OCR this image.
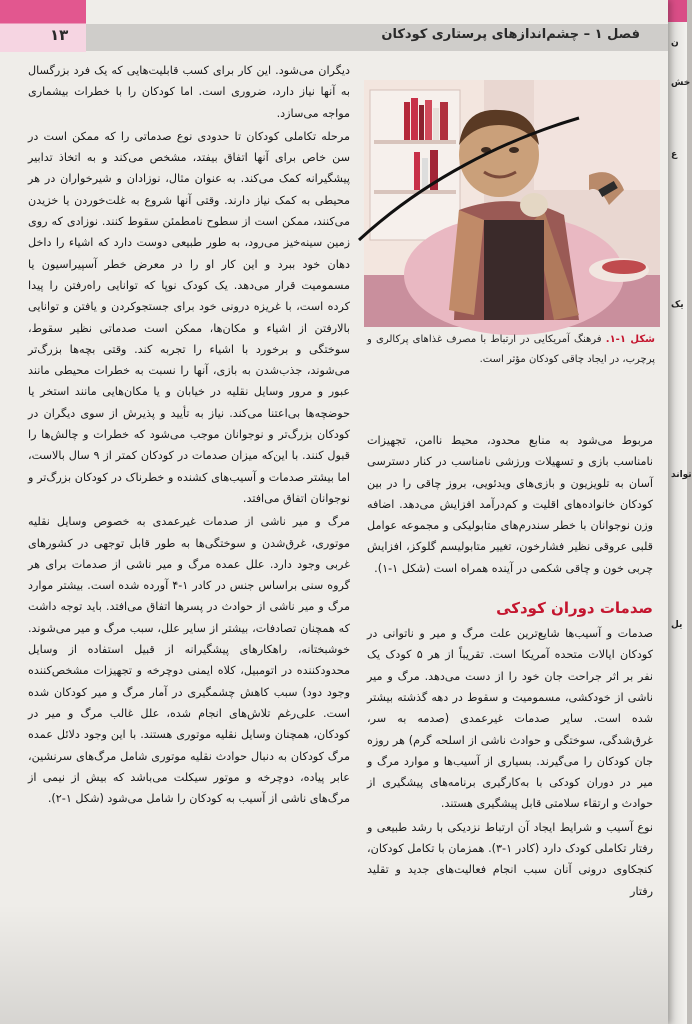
ن
خش
ع
یک
تواند
یل
فصل ۱ – چشم‌اندازهای پرستاری کودکان
۱۳

دیگران می‌شود. این کار برای کسب قابلیت‌هایی که یک فرد بزرگسال به آنها نیاز دارد، ضروری است. اما کودکان را با خطرات بیشماری مواجه می‌سازد.

مرحله تکاملی کودکان تا حدودی نوع صدماتی را که ممکن است در سن خاص برای آنها اتفاق بیفتد، مشخص می‌کند و به اتخاذ تدابیر پیشگیرانه کمک می‌کند. به عنوان مثال، نوزادان و شیرخواران در هر محیطی به کمک نیاز دارند. وقتی آنها شروع به غلت‌خوردن یا خزیدن می‌کنند، ممکن است از سطوح نامطمئن سقوط کنند. نوزادی که روی زمین سینه‌خیز می‌رود، به طور طبیعی دوست دارد که اشیاء را داخل دهان خود ببرد و این کار او را در معرض خطر آسپیراسیون یا مسمومیت قرار می‌دهد. یک کودک نوپا که توانایی راه‌رفتن را پیدا کرده است، با غریزه درونی خود برای جستجوکردن و یافتن و توانایی بالارفتن از اشیاء و مکان‌ها، ممکن است صدماتی نظیر سقوط، سوختگی و برخورد با اشیاء را تجربه کند. وقتی بچه‌ها بزرگ‌تر می‌شوند، جذب‌شدن به بازی، آنها را نسبت به خطرات محیطی مانند عبور و مرور وسایل نقلیه در خیابان و یا مکان‌هایی مانند استخر یا حوضچه‌ها بی‌اعتنا می‌کند. نیاز به تأیید و پذیرش از سوی دیگران در کودکان بزرگ‌تر و نوجوانان موجب می‌شود که خطرات و چالش‌ها را قبول کنند. با این‌که میزان صدمات در کودکان کمتر از ۹ سال بالاست، اما بیشتر صدمات و آسیب‌های کشنده و خطرناک در کودکان بزرگ‌تر و نوجوانان اتفاق می‌افتد.

مرگ و میر ناشی از صدمات غیرعمدی به خصوص وسایل نقلیه موتوری، غرق‌شدن و سوختگی‌ها به طور قابل توجهی در کشورهای غربی وجود دارد. علل عمده مرگ و میر ناشی از صدمات برای هر گروه سنی براساس جنس در کادر ۱-۴ آورده شده است. بیشتر موارد مرگ و میر ناشی از حوادث در پسرها اتفاق می‌افتد. باید توجه داشت که همچنان تصادفات، بیشتر از سایر علل، سبب مرگ و میر می‌شوند. خوشبختانه، راهکارهای پیشگیرانه از قبیل استفاده از وسایل محدودکننده در اتومبیل، کلاه ایمنی دوچرخه و تجهیزات مشخص‌کننده وجود دود) سبب کاهش چشمگیری در آمار مرگ و میر کودکان شده است. علی‌رغم تلاش‌های انجام شده، علل غالب مرگ و میر در کودکان، همچنان وسایل نقلیه موتوری هستند. با این وجود دلائل عمده مرگ کودکان به دنبال حوادث نقلیه موتوری شامل مرگ‌های سرنشین، عابر پیاده، دوچرخه و موتور سیکلت می‌باشد که بیش از نیمی از مرگ‌های ناشی از آسیب به کودکان را شامل می‌شود (شکل ۱-۲).

شکل ۱-۱. فرهنگ آمریکایی در ارتباط با مصرف غذاهای پرکالری و پرچرب، در ایجاد چاقی کودکان مؤثر است.

مربوط می‌شود به منابع محدود، محیط ناامن، تجهیزات نامناسب بازی و تسهیلات ورزشی نامناسب در کنار دسترسی آسان به تلویزیون و بازی‌های ویدئویی، بروز چاقی را در بین کودکان خانواده‌های اقلیت و کم‌درآمد افزایش می‌دهد. اضافه وزن نوجوانان با خطر سندرم‌های متابولیکی و مجموعه عوامل قلبی عروقی نظیر فشارخون، تغییر متابولیسم گلوکز، افزایش چربی خون و چاقی شکمی در آینده همراه است (شکل ۱-۱).

صدمات دوران کودکی

صدمات و آسیب‌ها شایع‌ترین علت مرگ و میر و ناتوانی در کودکان ایالات متحده آمریکا است. تقریباً از هر ۵ کودک یک نفر بر اثر جراحت جان خود را از دست می‌دهد. مرگ و میر ناشی از خودکشی، مسمومیت و سقوط در دهه گذشته بیشتر شده است. سایر صدمات غیرعمدی (صدمه به سر، غرق‌شدگی، سوختگی و حوادث ناشی از اسلحه گرم) هر روزه جان کودکان را می‌گیرند. بسیاری از آسیب‌ها و موارد مرگ و میر در دوران کودکی با به‌کارگیری برنامه‌های پیشگیری از حوادث و ارتقاء سلامتی قابل پیشگیری هستند.

نوع آسیب و شرایط ایجاد آن ارتباط نزدیکی با رشد طبیعی و رفتار تکاملی کودک دارد (کادر ۱-۳). همزمان با تکامل کودکان، کنجکاوی درونی آنان سبب انجام فعالیت‌های جدید و تقلید رفتار
